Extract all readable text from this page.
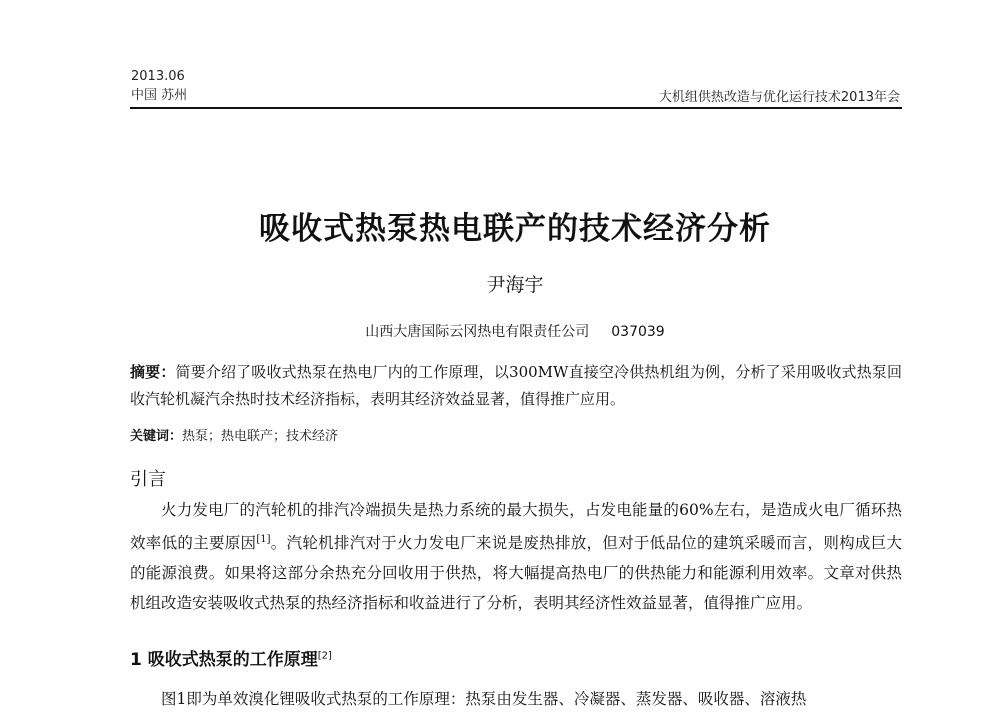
2013.06
中国 苏州	大机组供热改造与优化运行技术2013年会
吸收式热泵热电联产的技术经济分析
尹海宇
山西大唐国际云冈热电有限责任公司 037039
摘要：简要介绍了吸收式热泵在热电厂内的工作原理，以300MW直接空冷供热机组为例，分析了采用吸收式热泵回收汽轮机凝汽余热时技术经济指标，表明其经济效益显著，值得推广应用。
关键词：热泵；热电联产；技术经济
引言
火力发电厂的汽轮机的排汽冷端损失是热力系统的最大损失，占发电能量的60%左右，是造成火电厂循环热效率低的主要原因[1]。汽轮机排汽对于火力发电厂来说是废热排放，但对于低品位的建筑采暖而言，则构成巨大的能源浪费。如果将这部分余热充分回收用于供热，将大幅提高热电厂的供热能力和能源利用效率。文章对供热机组改造安装吸收式热泵的热经济指标和收益进行了分析，表明其经济性效益显著，值得推广应用。
1 吸收式热泵的工作原理[2]
图1即为单效溴化锂吸收式热泵的工作原理：热泵由发生器、冷凝器、蒸发器、吸收器、溶液热
